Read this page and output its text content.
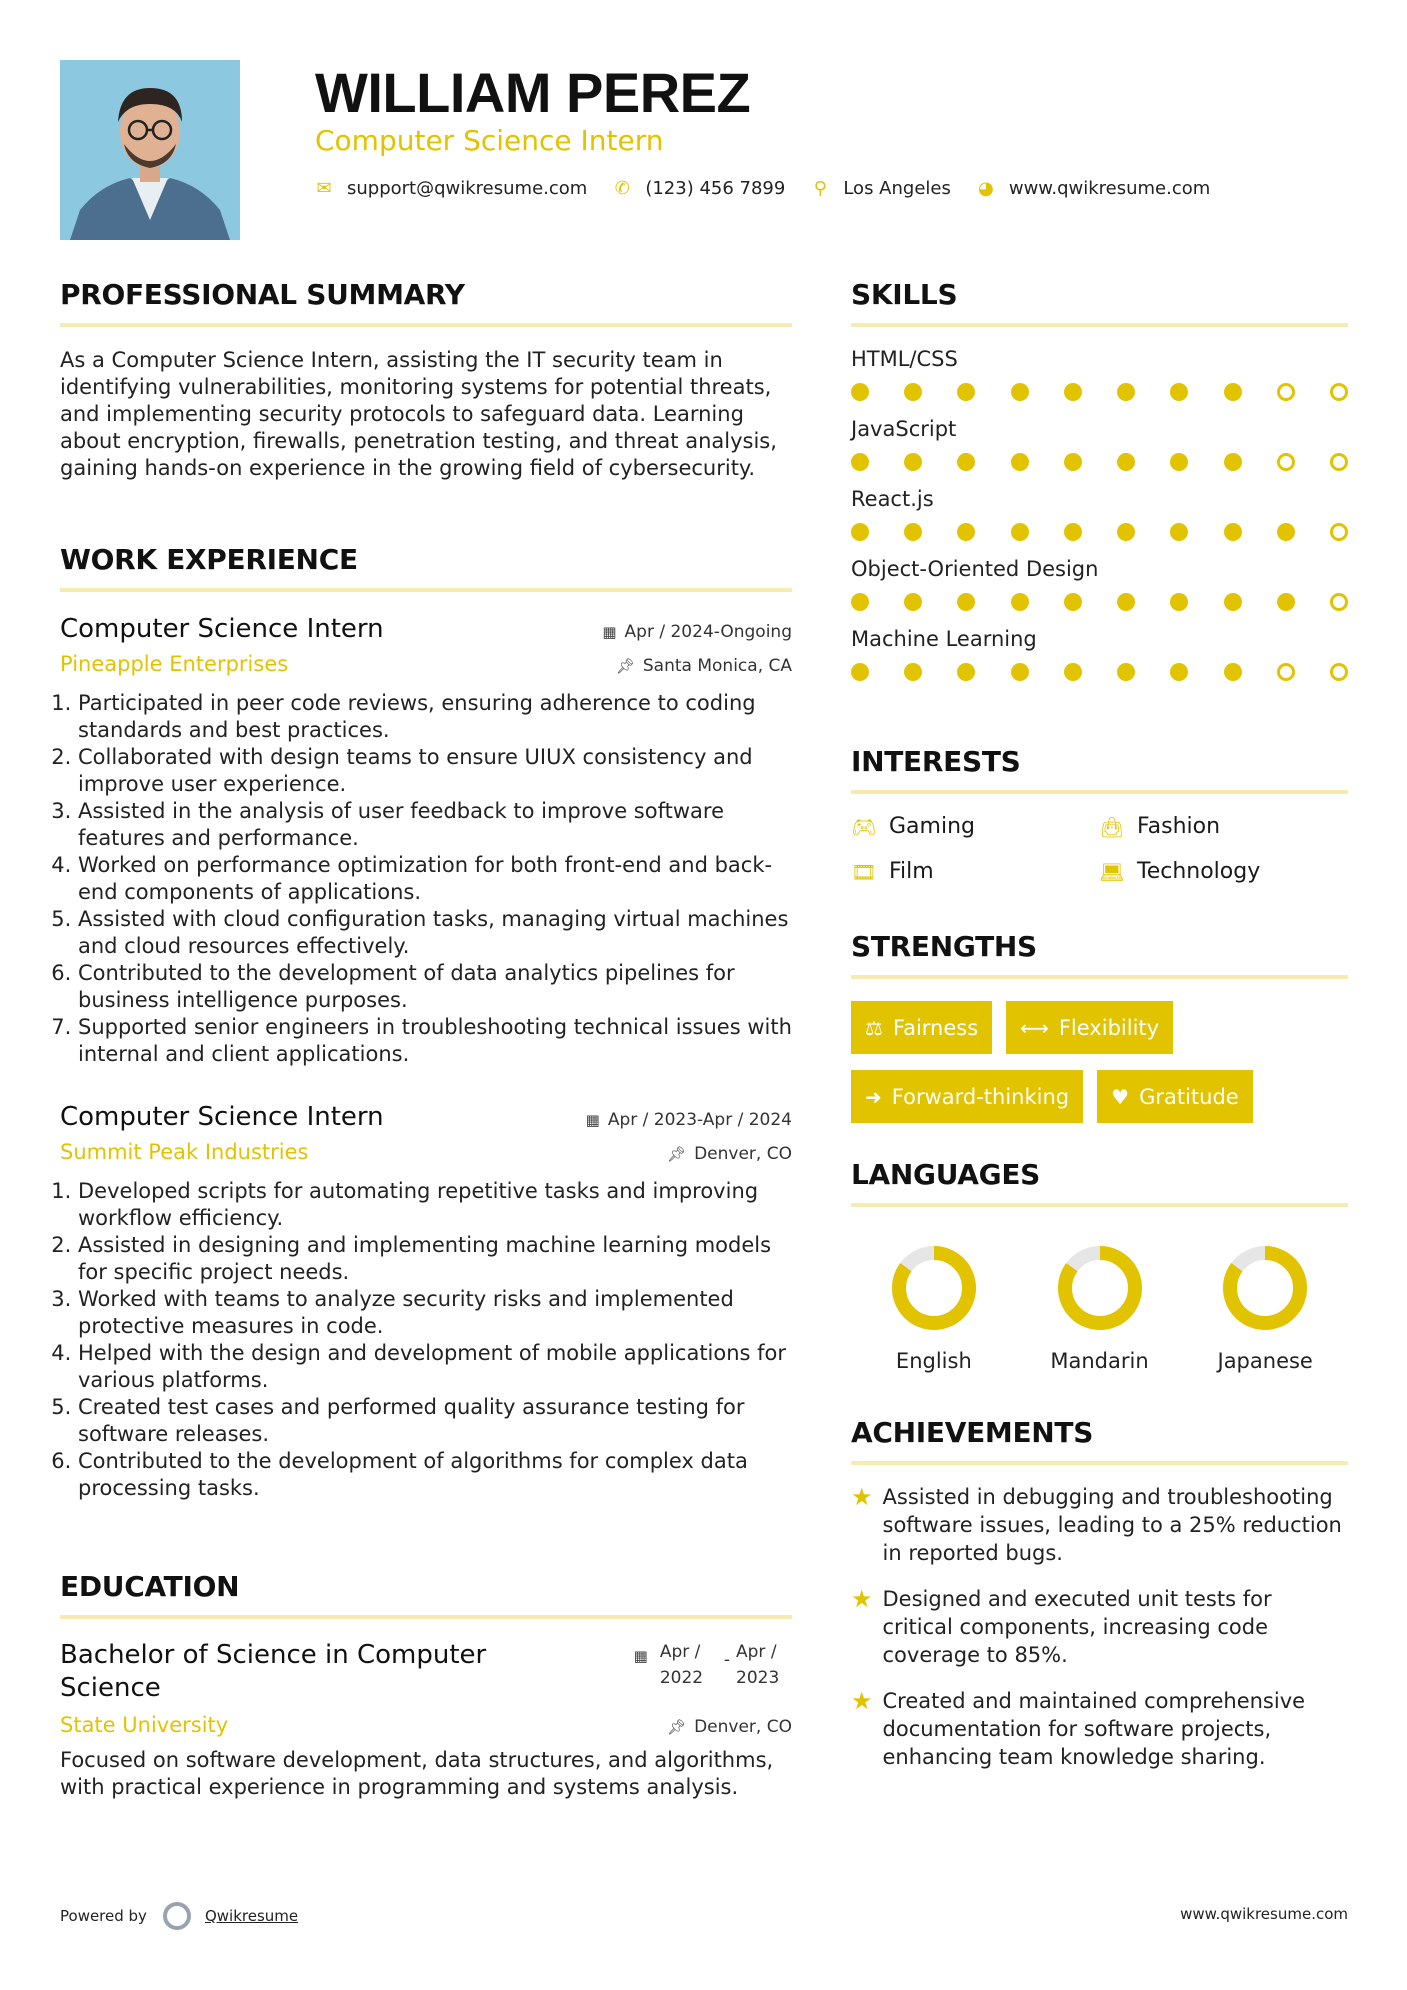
WILLIAM PEREZ
Computer Science Intern
✉ support@qwikresume.com ✆ (123) 456 7899 ⚲ Los Angeles ◕ www.qwikresume.com
PROFESSIONAL SUMMARY
As a Computer Science Intern, assisting the IT security team in identifying vulnerabilities, monitoring systems for potential threats, and implementing security protocols to safeguard data. Learning about encryption, firewalls, penetration testing, and threat analysis, gaining hands-on experience in the growing field of cybersecurity.
WORK EXPERIENCE
Computer Science Intern	▦ Apr / 2024-Ongoing
Pineapple Enterprises	📌︎ Santa Monica, CA
1. Participated in peer code reviews, ensuring adherence to coding standards and best practices.
2. Collaborated with design teams to ensure UIUX consistency and improve user experience.
3. Assisted in the analysis of user feedback to improve software features and performance.
4. Worked on performance optimization for both front-end and back-end components of applications.
5. Assisted with cloud configuration tasks, managing virtual machines and cloud resources effectively.
6. Contributed to the development of data analytics pipelines for business intelligence purposes.
7. Supported senior engineers in troubleshooting technical issues with internal and client applications.
Computer Science Intern	▦ Apr / 2023-Apr / 2024
Summit Peak Industries	📌︎ Denver, CO
1. Developed scripts for automating repetitive tasks and improving workflow efficiency.
2. Assisted in designing and implementing machine learning models for specific project needs.
3. Worked with teams to analyze security risks and implemented protective measures in code.
4. Helped with the design and development of mobile applications for various platforms.
5. Created test cases and performed quality assurance testing for software releases.
6. Contributed to the development of algorithms for complex data processing tasks.
EDUCATION
Bachelor of Science in Computer Science
▦ Apr / 2022
- Apr / 2023
State University	📌︎ Denver, CO
Focused on software development, data structures, and algorithms, with practical experience in programming and systems analysis.
SKILLS
HTML/CSS
JavaScript
React.js
Object-Oriented Design
Machine Learning
INTERESTS
🎮︎ Gaming	👜︎ Fashion
🎞︎ Film	💻︎ Technology
STRENGTHS
⚖ Fairness ⟷ Flexibility
➜ Forward-thinking ♥ Gratitude
LANGUAGES
English	Mandarin	Japanese
ACHIEVEMENTS
★ Assisted in debugging and troubleshooting software issues, leading to a 25% reduction in reported bugs.
★ Designed and executed unit tests for critical components, increasing code coverage to 85%.
★ Created and maintained comprehensive documentation for software projects, enhancing team knowledge sharing.
Powered by	Qwikresume	www.qwikresume.com
